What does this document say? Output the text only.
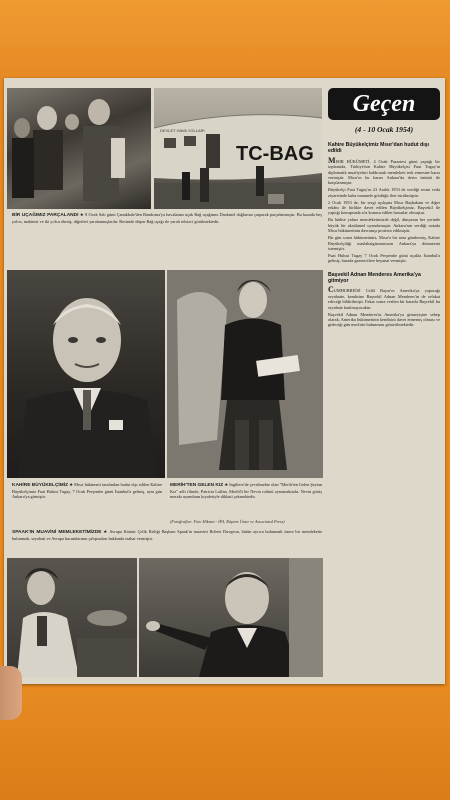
TC-BAG
DEVLET HAVA YOLLARI
BİR UÇAĞIMIZ PARÇALANDI ★ 8 Ocak Salı günü Çanakkale'den Bandırma'ya havalanan uçak Bağ uçağımız Dardanel dağlarına çarparak parçalanmıştır. Bu kazada beş yolcu, makinist ve iki yolcu ölmüş, diğerleri yaralanmışlardır. Resimde düşen Bağ uçağı ile yaralı telsizci görülmektedir.
KAHİRE BÜYÜKELÇİMİZ ★ Mısır hükümeti tarafından hudut dışı edilen Kahire Büyükelçimiz Fuat Hulusi Tugay, 7 Ocak Perşembe günü İstanbul'a gelmiş, aynı gün Ankara'ya gitmiştir.
MERİH'TEN GELEN KIZ ★ İngiltere'de çevrilmekte olan "Merih'ten Gelen Şeytan Kız" adlı filmde, Patricia Laffan, Merih'li bir Nevin rolünü oynamaktadır. Nevin görüş merakı uyandıran kıyafetiyle dikkati çekmektedir.
(Fotoğraflar: Foto Hikmet - İFA, Rüştem Ümer ve Associated Press)
SPAAK'IN MUAVİNİ MEMLEKETİMİZDE ★ Avrupa Kömür Çelik Birliği Başkanı Spaak'ın muavini Robert Duvgeon, bütün ayrıca bulunmak üzere bir memlekette bulunmak, seyahati ve Avrupa kurumlarının çalışmaları hakkında izahat vermiştir.
Geçen
(4 - 10 Ocak 1954)
Kahire Büyükelçimiz Mısır'dan hudut dışı edildi

MISIR HÜKÜMETİ, 4 Ocak Pazartesi günü yaptığı bir toplantıda, Türkiye'nin Kahire Büyükelçisi Fuat Tugay'ın diplomatik muafiyetini kaldırarak memleketi terk etmesine karar vermiştir. Mısır'ın bu kararı Ankara'da derin üzüntü ile karşılanmıştır.

Büyükelçi Fuat Tugay'ın 23 Aralık 1953 de verdiği resmi veda ziyaretinde kaba muamele gördüğü ileri sürülmüştür.

2 Ocak 1953 de, bir sergi açılışına Mısır Başbakanı ve diğer erkânı ile birlikte davet edilen Büyükelçimiz, Başvekil ile yaptığı konuşmada söz konusu edilen hususlar olmuştur.

Bu hâdise yalnız memleketimizde değil, dünyanın her yerinde büyük bir aksülamel uyandırmıştır. Ankara'nın verdiği notada Mısır hükümetinin davranışı protesto edilmiştir.

Bir gün sonra hükümetimiz, Mısır'a bir nota göndermiş, Kahire Büyükelçiliği maslahatgüzarımızın Ankara'ya dönmesini istemiştir.

Fuat Hulusi Tugay 7 Ocak Perşembe günü uçakla İstanbul'a gelmiş, burada gazetecilere beyanat vermiştir.

Başvekil Adnan Menderes Amerika'ya gitmiyor

CUMHURREİSİ Celâl Bayar'ın Amerika'ya yapacağı seyahatte, kendisine Başvekil Adnan Menderes'in de refakat edeceği bildirilmişti. Fakat sonra verilen bir kararla Başvekil bu seyahate katılmayacaktır.

Başvekil Adnan Menderes'in Amerika'ya gitmeyişine sebep olarak, Amerika hükümetinin kendisini davet etmemiş olması ve gideceği gün mecliste bulunması gösterilmektedir.
